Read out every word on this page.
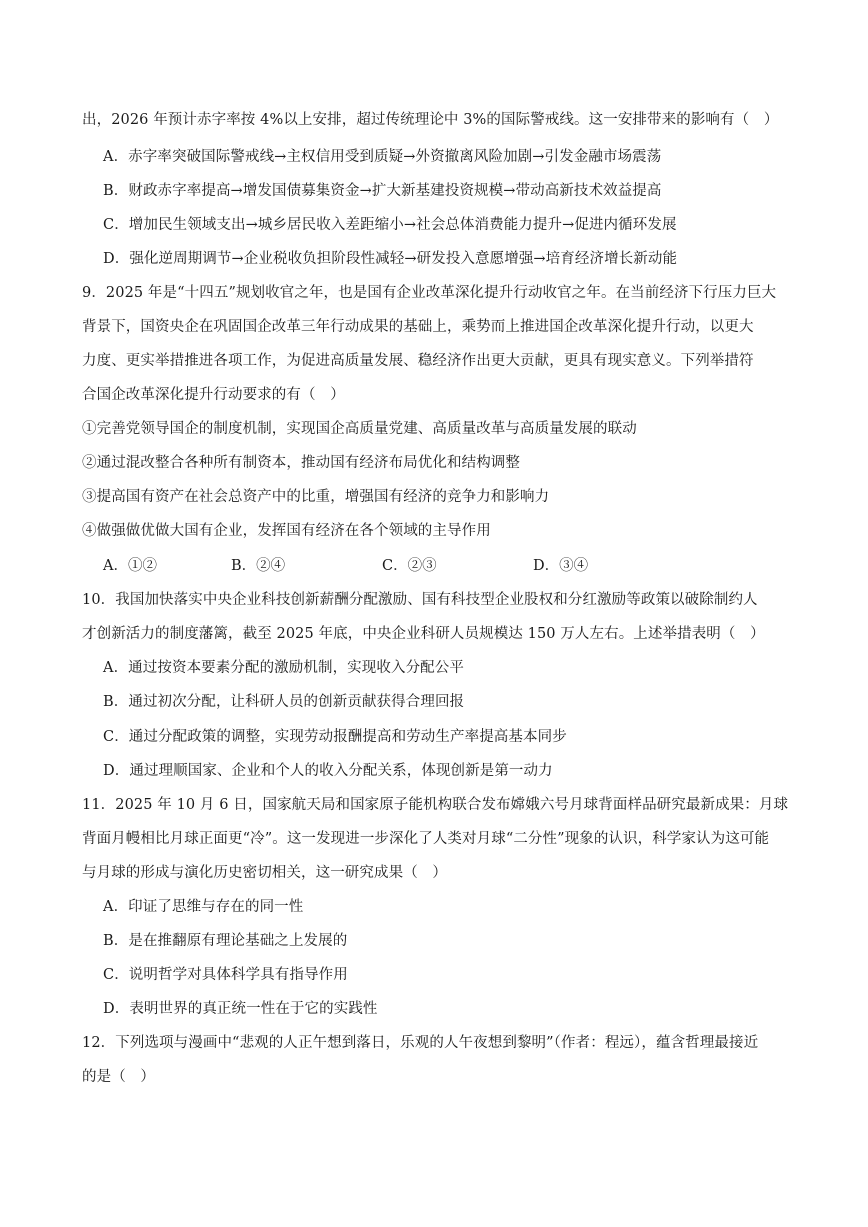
出，2026 年预计赤字率按 4%以上安排，超过传统理论中 3%的国际警戒线。这一安排带来的影响有（　）
A．赤字率突破国际警戒线→主权信用受到质疑→外资撤离风险加剧→引发金融市场震荡
B．财政赤字率提高→增发国债募集资金→扩大新基建投资规模→带动高新技术效益提高
C．增加民生领域支出→城乡居民收入差距缩小→社会总体消费能力提升→促进内循环发展
D．强化逆周期调节→企业税收负担阶段性减轻→研发投入意愿增强→培育经济增长新动能
9．2025 年是“十四五”规划收官之年，也是国有企业改革深化提升行动收官之年。在当前经济下行压力巨大
背景下，国资央企在巩固国企改革三年行动成果的基础上，乘势而上推进国企改革深化提升行动，以更大
力度、更实举措推进各项工作，为促进高质量发展、稳经济作出更大贡献，更具有现实意义。下列举措符
合国企改革深化提升行动要求的有（　）
①完善党领导国企的制度机制，实现国企高质量党建、高质量改革与高质量发展的联动
②通过混改整合各种所有制资本，推动国有经济布局优化和结构调整
③提高国有资产在社会总资产中的比重，增强国有经济的竞争力和影响力
④做强做优做大国有企业，发挥国有经济在各个领域的主导作用
A．①②	B．②④	C．②③	D．③④
10．我国加快落实中央企业科技创新薪酬分配激励、国有科技型企业股权和分红激励等政策以破除制约人
才创新活力的制度藩篱，截至 2025 年底，中央企业科研人员规模达 150 万人左右。上述举措表明（　）
A．通过按资本要素分配的激励机制，实现收入分配公平
B．通过初次分配，让科研人员的创新贡献获得合理回报
C．通过分配政策的调整，实现劳动报酬提高和劳动生产率提高基本同步
D．通过理顺国家、企业和个人的收入分配关系，体现创新是第一动力
11．2025 年 10 月 6 日，国家航天局和国家原子能机构联合发布嫦娥六号月球背面样品研究最新成果：月球
背面月幔相比月球正面更“冷”。这一发现进一步深化了人类对月球“二分性”现象的认识，科学家认为这可能
与月球的形成与演化历史密切相关，这一研究成果（　）
A．印证了思维与存在的同一性
B．是在推翻原有理论基础之上发展的
C．说明哲学对具体科学具有指导作用
D．表明世界的真正统一性在于它的实践性
12．下列选项与漫画中“悲观的人正午想到落日，乐观的人午夜想到黎明”（作者：程远），蕴含哲理最接近
的是（　）
